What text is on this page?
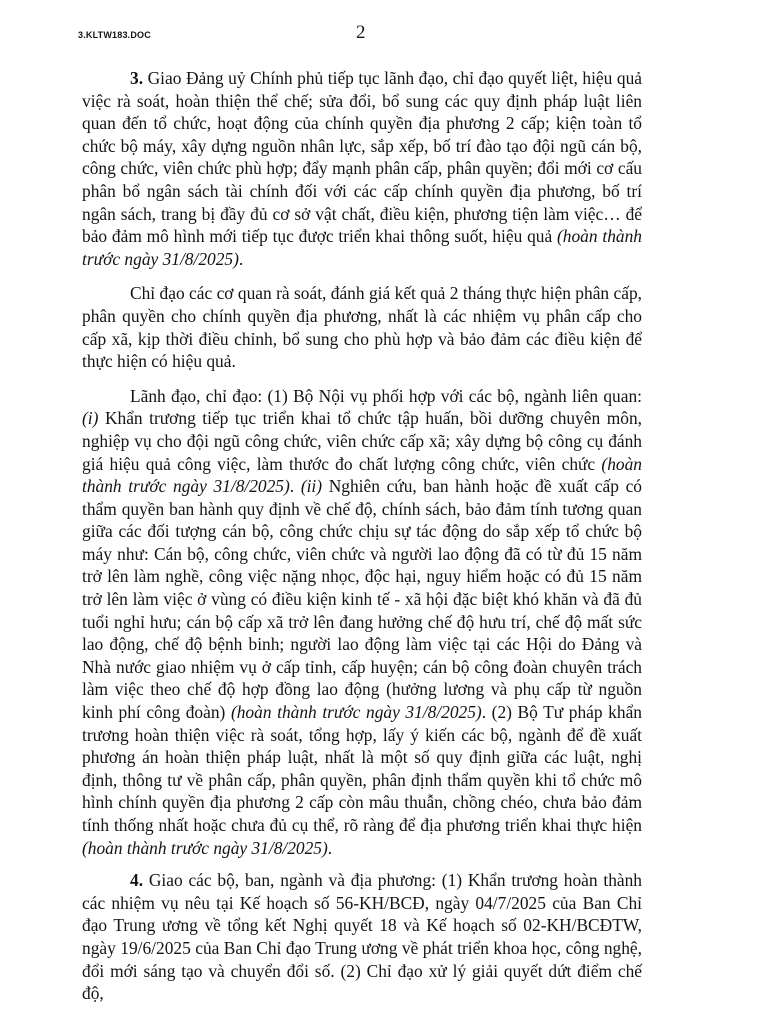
3.KLTW183.DOC	2

3. Giao Đảng uỷ Chính phủ tiếp tục lãnh đạo, chỉ đạo quyết liệt, hiệu quả việc rà soát, hoàn thiện thể chế; sửa đổi, bổ sung các quy định pháp luật liên quan đến tổ chức, hoạt động của chính quyền địa phương 2 cấp; kiện toàn tổ chức bộ máy, xây dựng nguồn nhân lực, sắp xếp, bố trí đào tạo đội ngũ cán bộ, công chức, viên chức phù hợp; đẩy mạnh phân cấp, phân quyền; đổi mới cơ cấu phân bổ ngân sách tài chính đối với các cấp chính quyền địa phương, bố trí ngân sách, trang bị đầy đủ cơ sở vật chất, điều kiện, phương tiện làm việc… để bảo đảm mô hình mới tiếp tục được triển khai thông suốt, hiệu quả (hoàn thành trước ngày 31/8/2025).

Chỉ đạo các cơ quan rà soát, đánh giá kết quả 2 tháng thực hiện phân cấp, phân quyền cho chính quyền địa phương, nhất là các nhiệm vụ phân cấp cho cấp xã, kịp thời điều chỉnh, bổ sung cho phù hợp và bảo đảm các điều kiện để thực hiện có hiệu quả.

Lãnh đạo, chỉ đạo: (1) Bộ Nội vụ phối hợp với các bộ, ngành liên quan: (i) Khẩn trương tiếp tục triển khai tổ chức tập huấn, bồi dưỡng chuyên môn, nghiệp vụ cho đội ngũ công chức, viên chức cấp xã; xây dựng bộ công cụ đánh giá hiệu quả công việc, làm thước đo chất lượng công chức, viên chức (hoàn thành trước ngày 31/8/2025). (ii) Nghiên cứu, ban hành hoặc đề xuất cấp có thẩm quyền ban hành quy định về chế độ, chính sách, bảo đảm tính tương quan giữa các đối tượng cán bộ, công chức chịu sự tác động do sắp xếp tổ chức bộ máy như: Cán bộ, công chức, viên chức và người lao động đã có từ đủ 15 năm trở lên làm nghề, công việc nặng nhọc, độc hại, nguy hiểm hoặc có đủ 15 năm trở lên làm việc ở vùng có điều kiện kinh tế - xã hội đặc biệt khó khăn và đã đủ tuổi nghỉ hưu; cán bộ cấp xã trở lên đang hưởng chế độ hưu trí, chế độ mất sức lao động, chế độ bệnh binh; người lao động làm việc tại các Hội do Đảng và Nhà nước giao nhiệm vụ ở cấp tỉnh, cấp huyện; cán bộ công đoàn chuyên trách làm việc theo chế độ hợp đồng lao động (hưởng lương và phụ cấp từ nguồn kinh phí công đoàn) (hoàn thành trước ngày 31/8/2025). (2) Bộ Tư pháp khẩn trương hoàn thiện việc rà soát, tổng hợp, lấy ý kiến các bộ, ngành để đề xuất phương án hoàn thiện pháp luật, nhất là một số quy định giữa các luật, nghị định, thông tư về phân cấp, phân quyền, phân định thẩm quyền khi tổ chức mô hình chính quyền địa phương 2 cấp còn mâu thuẫn, chồng chéo, chưa bảo đảm tính thống nhất hoặc chưa đủ cụ thể, rõ ràng để địa phương triển khai thực hiện (hoàn thành trước ngày 31/8/2025).

4. Giao các bộ, ban, ngành và địa phương: (1) Khẩn trương hoàn thành các nhiệm vụ nêu tại Kế hoạch số 56-KH/BCĐ, ngày 04/7/2025 của Ban Chỉ đạo Trung ương về tổng kết Nghị quyết 18 và Kế hoạch số 02-KH/BCĐTW, ngày 19/6/2025 của Ban Chỉ đạo Trung ương về phát triển khoa học, công nghệ, đổi mới sáng tạo và chuyển đổi số. (2) Chỉ đạo xử lý giải quyết dứt điểm chế độ,
